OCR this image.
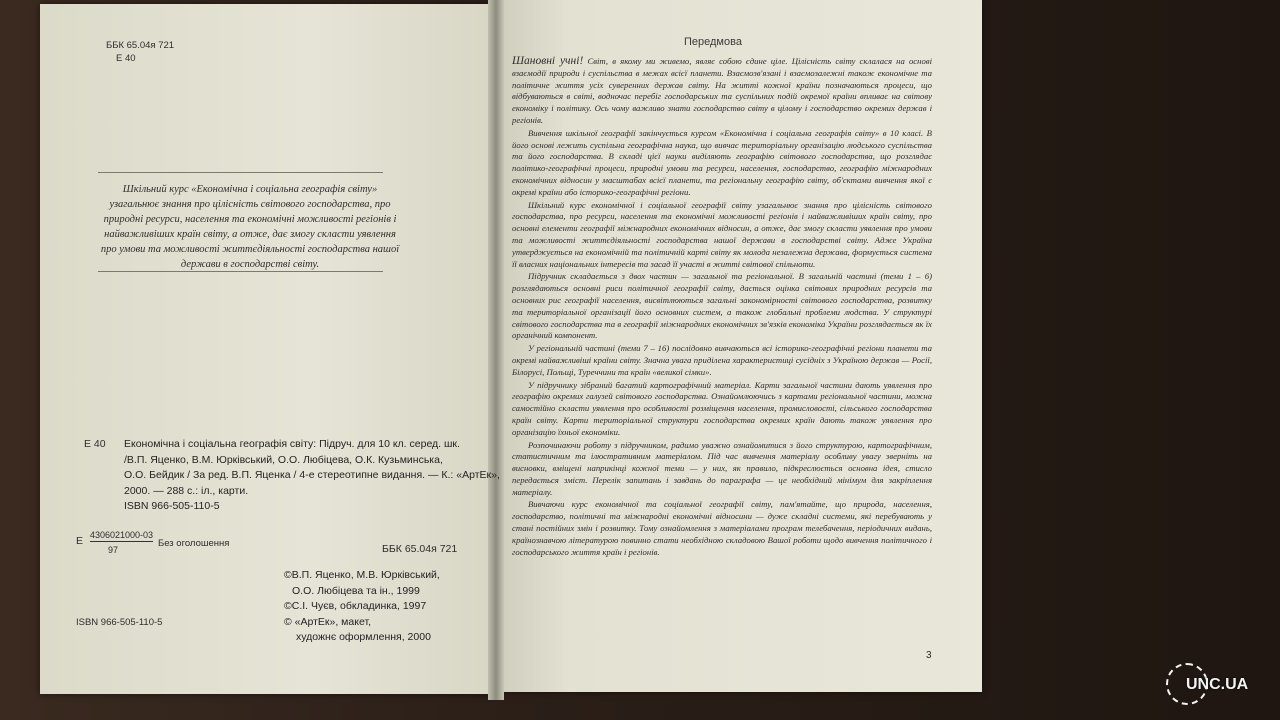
ББК 65.04я 721
Е 40
Шкільний курс «Економічна і соціальна географія світу» узагальнює знання про цілісність світового господарства, про природні ресурси, населення та економічні можливості регіонів і найважливіших країн світу, а отже, дає змогу скласти уявлення про умови та можливості життєдіяльності господарства нашої держави в господарстві світу.
Е 40 Економічна і соціальна географія світу: Підруч. для 10 кл. серед. шк.
/В.П. Яценко, В.М. Юрківський, О.О. Любіцева, О.К. Кузьминська,
О.О. Бейдик / За ред. В.П. Яценка / 4-е стереотипне видання. — К.: «АртЕк»,
2000. — 288 с.: іл., карти.
ISBN 966-505-110-5
Е 4306021000-03
97
Без оголошення	ББК 65.04я 721
©В.П. Яценко, М.В. Юрківський,
О.О. Любіцева та ін., 1999
©С.І. Чуєв, обкладинка, 1997
© «АртЕк», макет,
художнє оформлення, 2000
ISBN 966-505-110-5
Передмова

Шановні учні! Світ, в якому ми живемо, являє собою єдине ціле. Цілісність світу склалася на основі взаємодії природи і суспільства в межах всієї планети. Взаємозв'язані і взаємозалежні також економічне та політичне життя усіх суверенних держав світу. На житті кожної країни позначаються процеси, що відбуваються в світі, водночас перебіг господарських та суспільних подій окремої країни впливає на світову економіку і політику. Ось чому важливо знати господарство світу в цілому і господарство окремих держав і регіонів.

Вивчення шкільної географії закінчується курсом «Економічна і соціальна географія світу» в 10 класі. В його основі лежить суспільна географічна наука, що вивчає територіальну організацію людського суспільства та його господарства. В складі цієї науки виділяють географію світового господарства, що розглядає політико-географічні процеси, природні умови та ресурси, населення, господарство, географію міжнародних економічних відносин у масштабах всієї планети, та регіональну географію світу, об'єктами вивчення якої є окремі країни або історико-географічні регіони.

Шкільний курс економічної і соціальної географії світу узагальнює знання про цілісність світового господарства, про ресурси, населення та економічні можливості регіонів і найважливіших країн світу, про основні елементи географії міжнародних економічних відносин, а отже, дає змогу скласти уявлення про умови та можливості життєдіяльності господарства нашої держави в господарстві світу. Адже Україна утверджується на економічній та політичній карті світу як молода незалежна держава, формується система її власних національних інтересів та засад її участі в житті світової спільноти.

Підручник складається з двох частин — загальної та регіональної. В загальній частині (теми 1 – 6) розглядаються основні риси політичної географії світу, дається оцінка світових природних ресурсів та основних рис географії населення, висвітлюються загальні закономірності світового господарства, розвитку та територіальної організації його основних систем, а також глобальні проблеми людства. У структурі світового господарства та в географії міжнародних економічних зв'язків економіка України розглядається як їх органічний компонент.

У регіональній частині (теми 7 – 16) послідовно вивчаються всі історико-географічні регіони планети та окремі найважливіші країни світу. Значна увага приділена характеристиці сусідніх з Україною держав — Росії, Білорусі, Польщі, Туреччини та країн «великої сімки».

У підручнику зібраний багатий картографічний матеріал. Карти загальної частини дають уявлення про географію окремих галузей світового господарства. Ознайомлюючись з картами регіональної частини, можна самостійно скласти уявлення про особливості розміщення населення, промисловості, сільського господарства країн світу. Карти територіальної структури господарства окремих країн дають також уявлення про організацію їхньої економіки.

Розпочинаючи роботу з підручником, радимо уважно ознайомитися з його структурою, картографічним, статистичним та ілюстративним матеріалом. Під час вивчення матеріалу особливу увагу зверніть на висновки, вміщені наприкінці кожної теми — у них, як правило, підкреслюється основна ідея, стисло передається зміст. Перелік запитань і завдань до параграфа — це необхідний мінімум для закріплення матеріалу.

Вивчаючи курс економічної та соціальної географії світу, пам'ятайте, що природа, населення, господарство, політичні та міжнародні економічні відносини — дуже складні системи, які перебувають у стані постійних змін і розвитку. Тому ознайомлення з матеріалами програм телебачення, періодичних видань, країнознавчою літературою повинно стати необхідною складовою Вашої роботи щодо вивчення політичного і господарського життя країн і регіонів.

3
UNC.UA
